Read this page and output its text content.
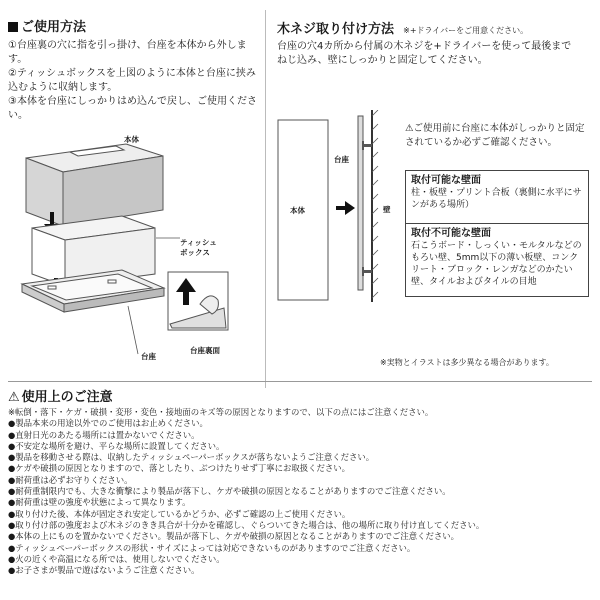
ご使用方法
①台座裏の穴に指を引っ掛け、台座を本体から外します。
②ティッシュボックスを上図のように本体と台座に挟み込むように収納します。
③本体を台座にしっかりはめ込んで戻し、ご使用ください。
本体
ティッシュ ボックス
台座
台座裏面
木ネジ取り付け方法 ※+ドライバーをご用意ください。
台座の穴4カ所から付属の木ネジを+ドライバーを使って最後までねじ込み、壁にしっかりと固定してください。
本体
台座
壁
⚠ご使用前に台座に本体がしっかりと固定されているか必ずご確認ください。
取付可能な壁面
柱・板壁・プリント合板（裏側に水平にサンがある場所）
取付不可能な壁面
石こうボード・しっくい・モルタルなどのもろい壁、5mm以下の薄い板壁、コンクリート・ブロック・レンガなどのかたい壁、タイルおよびタイルの目地
※実物とイラストは多少異なる場合があります。
⚠ 使用上のご注意
※転倒・落下・ケガ・破損・変形・変色・接地面のキズ等の原因となりますので、以下の点にはご注意ください。
●製品本来の用途以外でのご使用はお止めください。
●直射日光のあたる場所には置かないでください。
●不安定な場所を避け、平らな場所に設置してください。
●製品を移動させる際は、収納したティッシュペーパーボックスが落ちないようご注意ください。
●ケガや破損の原因となりますので、落としたり、ぶつけたりせず丁寧にお取扱ください。
●耐荷重は必ずお守りください。
●耐荷重制限内でも、大きな衝撃により製品が落下し、ケガや破損の原因となることがありますのでご注意ください。
●耐荷重は壁の強度や状態によって異なります。
●取り付けた後、本体が固定され安定しているかどうか、必ずご確認の上ご使用ください。
●取り付け部の強度および木ネジのきき具合が十分かを確認し、ぐらついてきた場合は、他の場所に取り付け直してください。
●本体の上にものを置かないでください。製品が落下し、ケガや破損の原因となることがありますのでご注意ください。
●ティッシュペーパーボックスの形状・サイズによっては対応できないものがありますのでご注意ください。
●火の近くや高温になる所では、使用しないでください。
●お子さまが製品で遊ばないようご注意ください。
